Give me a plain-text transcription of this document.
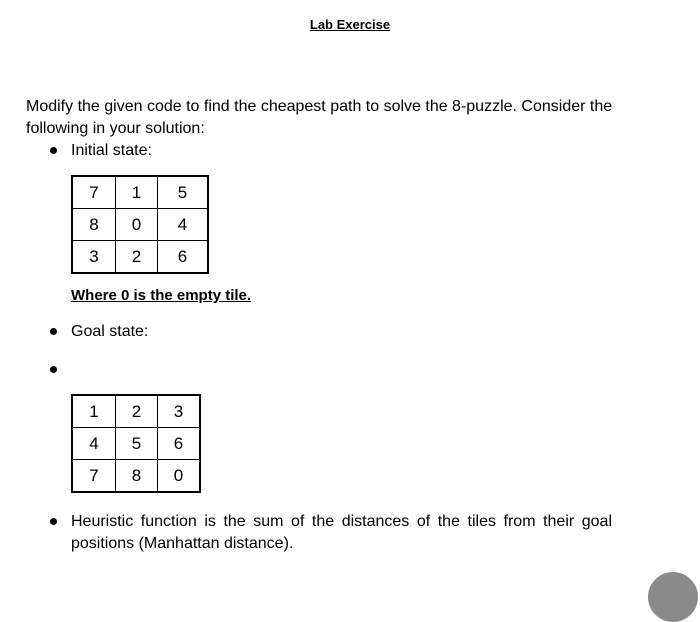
Lab Exercise
Modify the given code to find the cheapest path to solve the 8-puzzle. Consider the following in your solution:
Initial state:
7	1	5
8	0	4
3	2	6
Where 0 is the empty tile.
Goal state:
1	2	3
4	5	6
7	8	0
Heuristic function is the sum of the distances of the tiles from their goal positions (Manhattan distance).
